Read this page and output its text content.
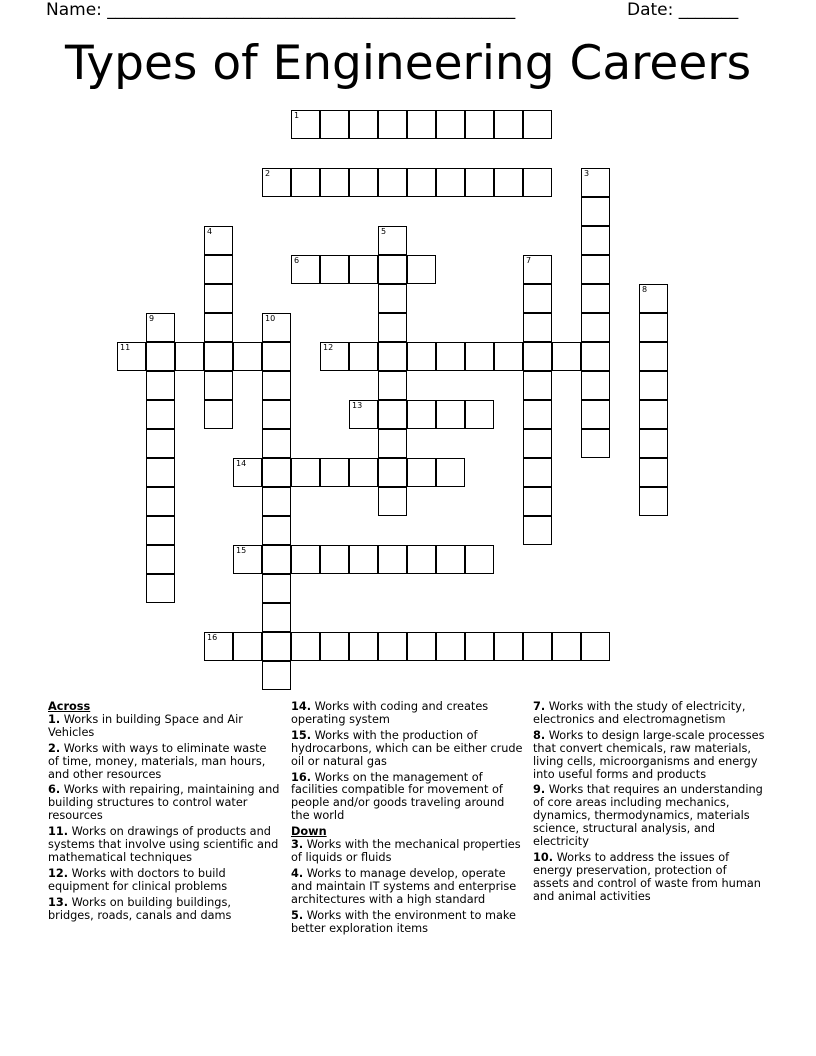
Name: ________________________________________________	Date: _______
Types of Engineering Careers
1
2	3
4	5
6	7
8
9	10
11	12
13
14
15
16
Across
1. Works in building Space and Air Vehicles
2. Works with ways to eliminate waste of time, money, materials, man hours, and other resources
6. Works with repairing, maintaining and building structures to control water resources
11. Works on drawings of products and systems that involve using scientific and mathematical techniques
12. Works with doctors to build equipment for clinical problems
13. Works on building buildings, bridges, roads, canals and dams
14. Works with coding and creates operating system
15. Works with the production of hydrocarbons, which can be either crude oil or natural gas
16. Works on the management of facilities compatible for movement of people and/or goods traveling around the world
Down
3. Works with the mechanical properties of liquids or fluids
4. Works to manage develop, operate and maintain IT systems and enterprise architectures with a high standard
5. Works with the environment to make better exploration items
7. Works with the study of electricity, electronics and electromagnetism
8. Works to design large-scale processes that convert chemicals, raw materials, living cells, microorganisms and energy into useful forms and products
9. Works that requires an understanding of core areas including mechanics, dynamics, thermodynamics, materials science, structural analysis, and electricity
10. Works to address the issues of energy preservation, protection of assets and control of waste from human and animal activities
